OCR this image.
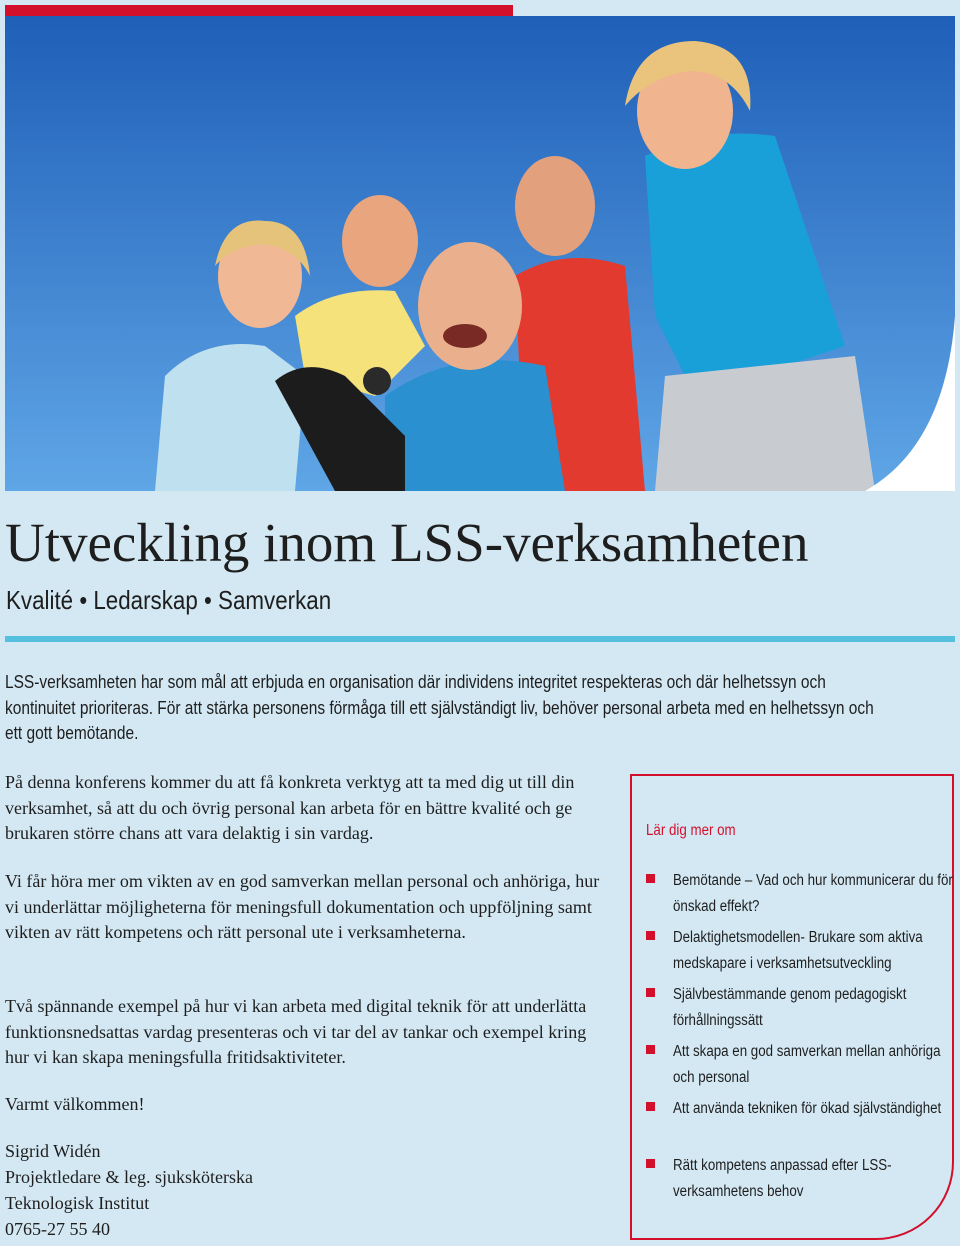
Utveckling inom LSS-verksamheten
Kvalité • Ledarskap • Samverkan

LSS-verksamheten har som mål att erbjuda en organisation där individens integritet respekteras och där helhetssyn och kontinuitet prioriteras. För att stärka personens förmåga till ett självständigt liv, behöver personal arbeta med en helhetssyn och ett gott bemötande.

På denna konferens kommer du att få konkreta verktyg att ta med dig ut till din verksamhet, så att du och övrig personal kan arbeta för en bättre kvalité och ge brukaren större chans att vara delaktig i sin vardag.

Vi får höra mer om vikten av en god samverkan mellan personal och anhöriga, hur vi underlättar möjligheterna för meningsfull dokumentation och uppföljning samt vikten av rätt kompetens och rätt personal ute i verksamheterna.

Två spännande exempel på hur vi kan arbeta med digital teknik för att underlätta funktionsnedsattas vardag presenteras och vi tar del av tankar och exempel kring hur vi kan skapa meningsfulla fritidsaktiviteter.

Varmt välkommen!

Sigrid Widén

Projektledare & leg. sjuksköterska

Teknologisk Institut

0765-27 55 40

Lär dig mer om
Bemötande – Vad och hur kommunicerar du för önskad effekt?
Delaktighetsmodellen- Brukare som aktiva medskapare i verksamhetsutveckling
Självbestämmande genom pedagogiskt förhållningssätt
Att skapa en god samverkan mellan anhöriga och personal
Att använda tekniken för ökad självständighet
Rätt kompetens anpassad efter LSS-verksamhetens behov
